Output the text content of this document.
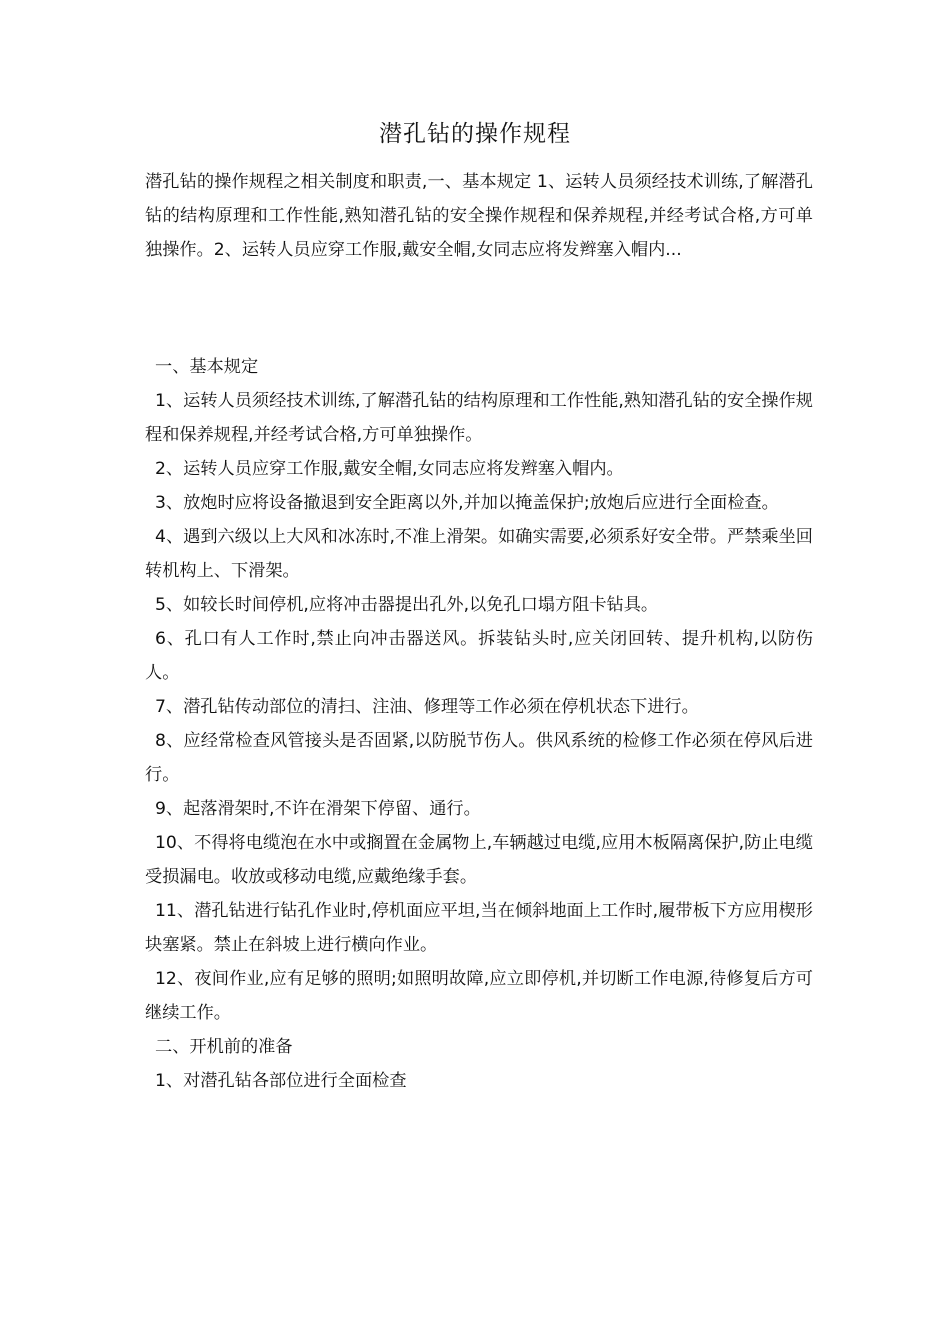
潜孔钻的操作规程

潜孔钻的操作规程之相关制度和职责,一、基本规定 1、运转人员须经技术训练,了解潜孔钻的结构原理和工作性能,熟知潜孔钻的安全操作规程和保养规程,并经考试合格,方可单独操作。2、运转人员应穿工作服,戴安全帽,女同志应将发辫塞入帽内...

一、基本规定

1、运转人员须经技术训练,了解潜孔钻的结构原理和工作性能,熟知潜孔钻的安全操作规程和保养规程,并经考试合格,方可单独操作。

2、运转人员应穿工作服,戴安全帽,女同志应将发辫塞入帽内。

3、放炮时应将设备撤退到安全距离以外,并加以掩盖保护;放炮后应进行全面检查。

4、遇到六级以上大风和冰冻时,不准上滑架。如确实需要,必须系好安全带。严禁乘坐回转机构上、下滑架。

5、如较长时间停机,应将冲击器提出孔外,以免孔口塌方阻卡钻具。

6、孔口有人工作时,禁止向冲击器送风。拆装钻头时,应关闭回转、提升机构,以防伤人。

7、潜孔钻传动部位的清扫、注油、修理等工作必须在停机状态下进行。

8、应经常检查风管接头是否固紧,以防脱节伤人。供风系统的检修工作必须在停风后进行。

9、起落滑架时,不许在滑架下停留、通行。

10、不得将电缆泡在水中或搁置在金属物上,车辆越过电缆,应用木板隔离保护,防止电缆受损漏电。收放或移动电缆,应戴绝缘手套。

11、潜孔钻进行钻孔作业时,停机面应平坦,当在倾斜地面上工作时,履带板下方应用楔形块塞紧。禁止在斜坡上进行横向作业。

12、夜间作业,应有足够的照明;如照明故障,应立即停机,并切断工作电源,待修复后方可继续工作。

二、开机前的准备

1、对潜孔钻各部位进行全面检查
